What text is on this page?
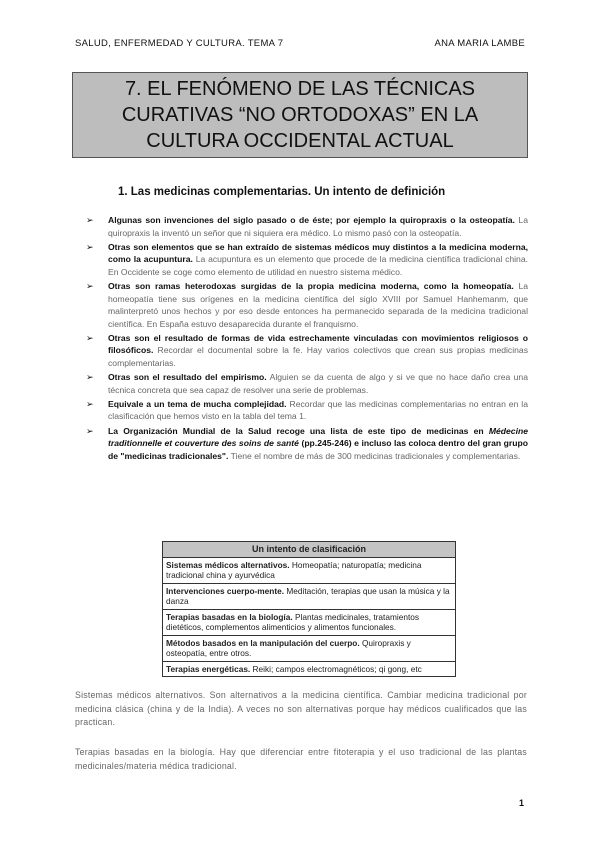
SALUD, ENFERMEDAD Y CULTURA. TEMA 7	ANA MARIA LAMBE
7. EL FENÓMENO DE LAS TÉCNICAS
CURATIVAS “NO ORTODOXAS” EN LA
CULTURA OCCIDENTAL ACTUAL
1. Las medicinas complementarias. Un intento de definición
➢ Algunas son invenciones del siglo pasado o de éste; por ejemplo la quiropraxis o la osteopatía. La quiropraxis la inventó un señor que ni siquiera era médico. Lo mismo pasó con la osteopatía.
➢ Otras son elementos que se han extraído de sistemas médicos muy distintos a la medicina moderna, como la acupuntura. La acupuntura es un elemento que procede de la medicina científica tradicional china. En Occidente se coge como elemento de utilidad en nuestro sistema médico.
➢ Otras son ramas heterodoxas surgidas de la propia medicina moderna, como la homeopatía. La homeopatía tiene sus orígenes en la medicina científica del siglo XVIII por Samuel Hanhemanm, que malinterpretó unos hechos y por eso desde entonces ha permanecido separada de la medicina tradicional científica. En España estuvo desaparecida durante el franquismo.
➢ Otras son el resultado de formas de vida estrechamente vinculadas con movimientos religiosos o filosóficos. Recordar el documental sobre la fe. Hay varios colectivos que crean sus propias medicinas complementarias.
➢ Otras son el resultado del empirismo. Alguien se da cuenta de algo y si ve que no hace daño crea una técnica concreta que sea capaz de resolver una serie de problemas.
➢ Equivale a un tema de mucha complejidad. Recordar que las medicinas complementarias no entran en la clasificación que hemos visto en la tabla del tema 1.
➢ La Organización Mundial de la Salud recoge una lista de este tipo de medicinas en Médecine traditionnelle et couverture des soins de santé (pp.245-246) e incluso las coloca dentro del gran grupo de "medicinas tradicionales". Tiene el nombre de más de 300 medicinas tradicionales y complementarias.
Un intento de clasificación
Sistemas médicos alternativos. Homeopatía; naturopatía; medicina tradicional china y ayurvédica
Intervenciones cuerpo-mente. Meditación, terapias que usan la música y la danza
Terapias basadas en la biología. Plantas medicinales, tratamientos dietéticos, complementos alimenticios y alimentos funcionales.
Métodos basados en la manipulación del cuerpo. Quiropraxis y osteopatía, entre otros.
Terapias energéticas. Reiki; campos electromagnéticos; qi gong, etc
Sistemas médicos alternativos. Son alternativos a la medicina científica. Cambiar medicina tradicional por medicina clásica (china y de la India). A veces no son alternativas porque hay médicos cualificados que las practican.
Terapias basadas en la biología. Hay que diferenciar entre fitoterapia y el uso tradicional de las plantas medicinales/materia médica tradicional.
1
